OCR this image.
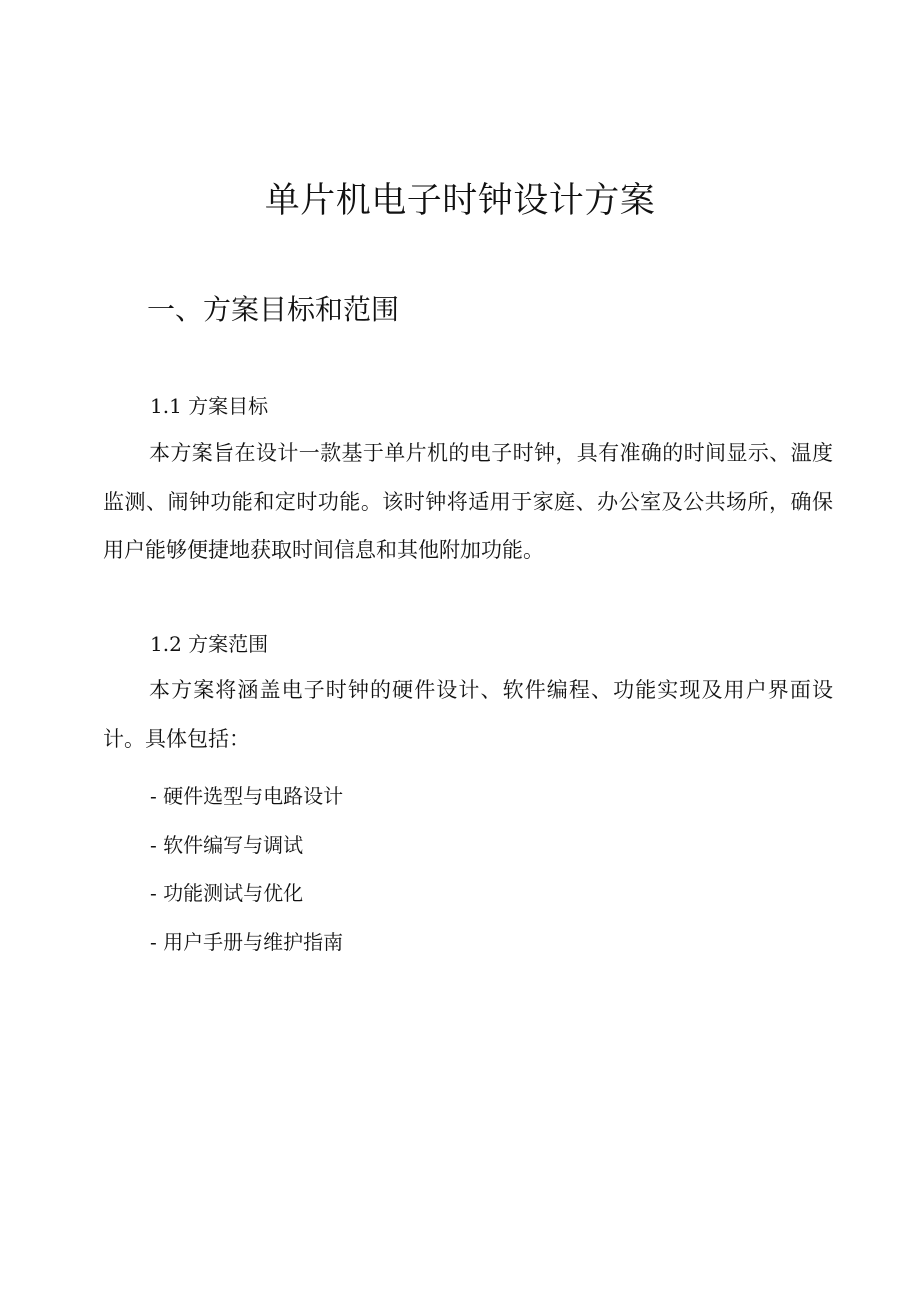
单片机电子时钟设计方案
一、方案目标和范围
1.1 方案目标

本方案旨在设计一款基于单片机的电子时钟，具有准确的时间显示、温度监测、闹钟功能和定时功能。该时钟将适用于家庭、办公室及公共场所，确保用户能够便捷地获取时间信息和其他附加功能。

1.2 方案范围

本方案将涵盖电子时钟的硬件设计、软件编程、功能实现及用户界面设计。具体包括：

- 硬件选型与电路设计
- 软件编写与调试
- 功能测试与优化
- 用户手册与维护指南
